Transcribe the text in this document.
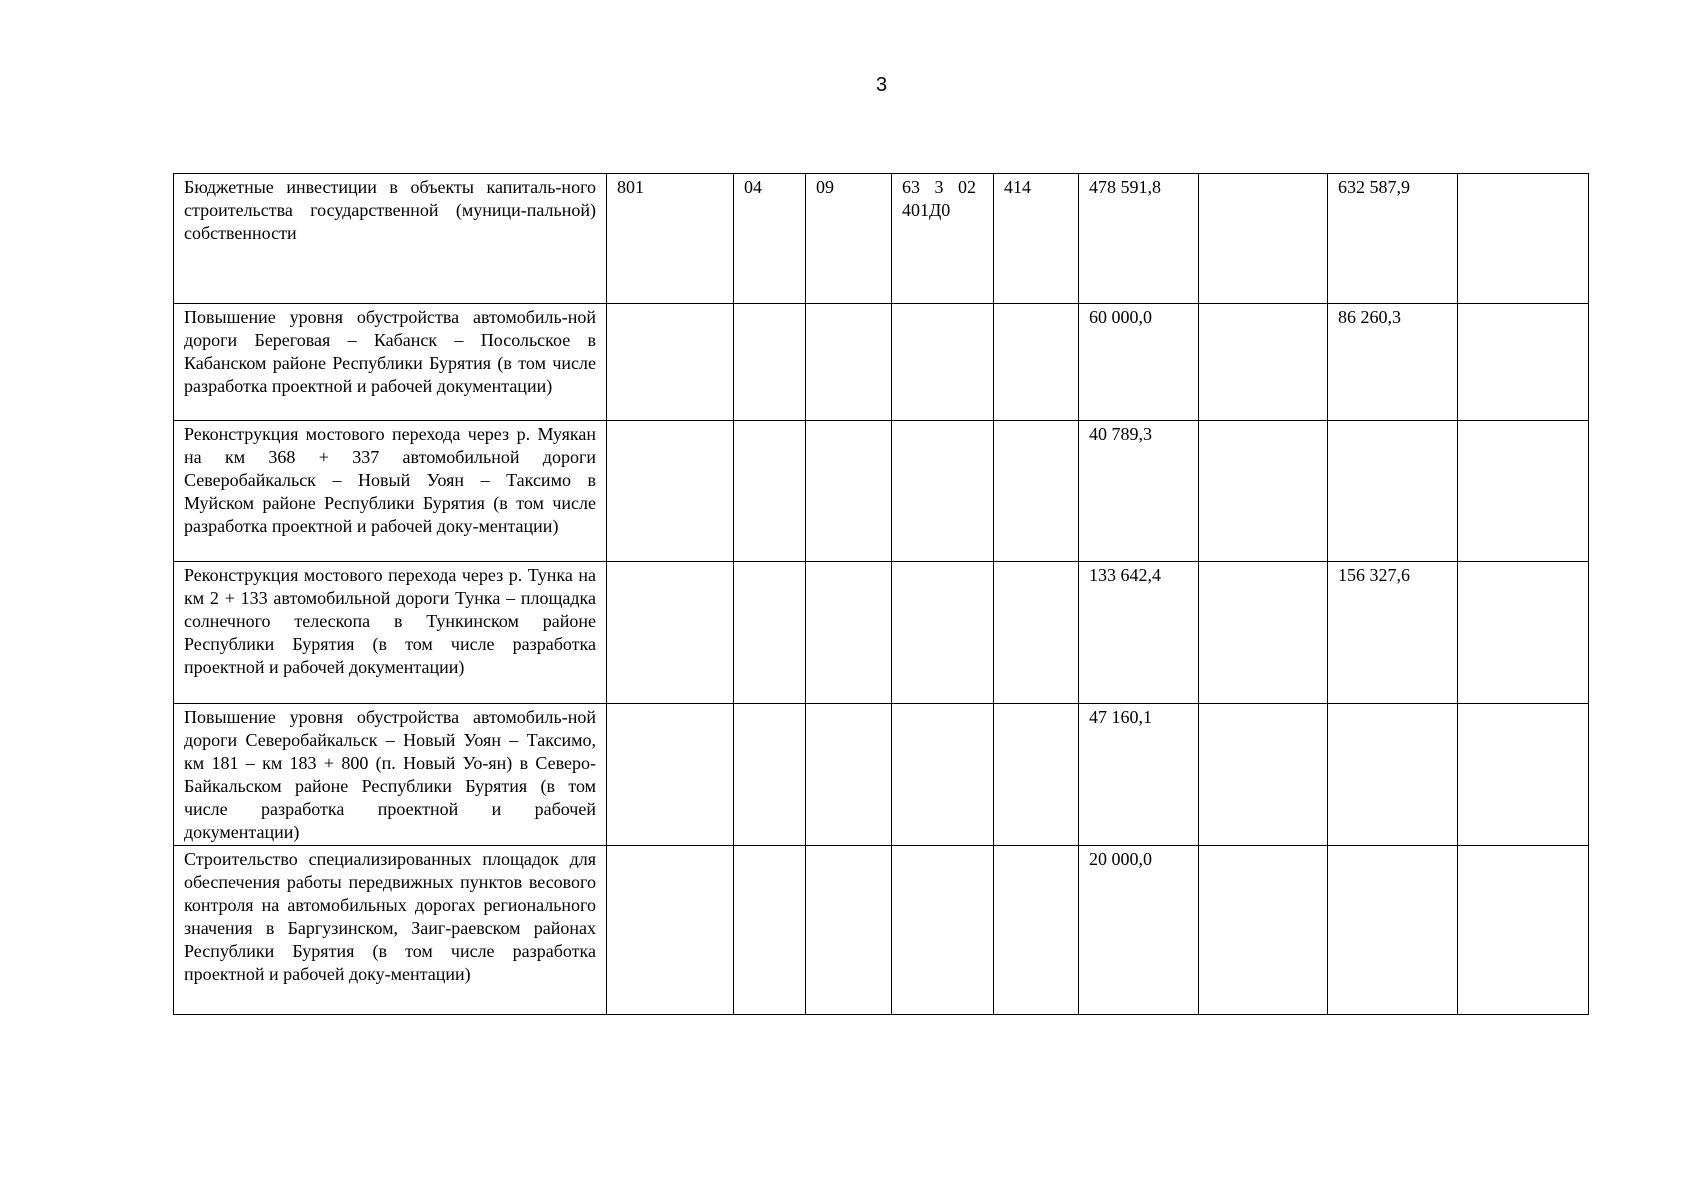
3
Бюджетные инвестиции в объекты капиталь-ного строительства государственной (муници-пальной) собственности	801	04	09	63 3 02 401Д0	414	478 591,8		632 587,9	
Повышение уровня обустройства автомобиль-ной дороги Береговая – Кабанск – Посольское в Кабанском районе Республики Бурятия (в том числе разработка проектной и рабочей документации)						60 000,0		86 260,3	
Реконструкция мостового перехода через р. Муякан на км 368 + 337 автомобильной дороги Северобайкальск – Новый Уоян – Таксимо в Муйском районе Республики Бурятия (в том числе разработка проектной и рабочей доку-ментации)						40 789,3			
Реконструкция мостового перехода через р. Тунка на км 2 + 133 автомобильной дороги Тунка – площадка солнечного телескопа в Тункинском районе Республики Бурятия (в том числе разработка проектной и рабочей документации)						133 642,4		156 327,6	
Повышение уровня обустройства автомобиль-ной дороги Северобайкальск – Новый Уоян – Таксимо, км 181 – км 183 + 800 (п. Новый Уо-ян) в Северо-Байкальском районе Республики Бурятия (в том числе разработка проектной и рабочей документации)						47 160,1			
Строительство специализированных площадок для обеспечения работы передвижных пунктов весового контроля на автомобильных дорогах регионального значения в Баргузинском, Заиг-раевском районах Республики Бурятия (в том числе разработка проектной и рабочей доку-ментации)						20 000,0			
